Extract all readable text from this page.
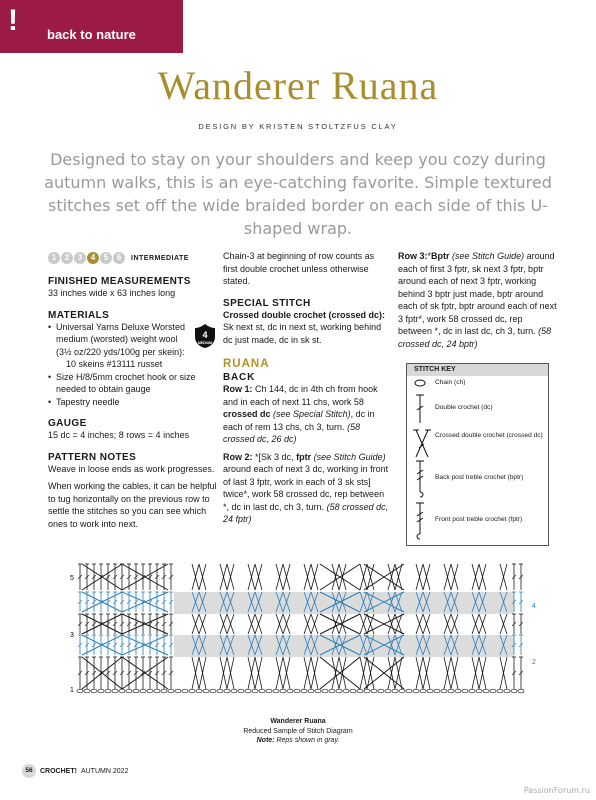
! back to nature
Wanderer Ruana
DESIGN BY KRISTEN STOLTZFUS CLAY
Designed to stay on your shoulders and keep you cozy during autumn walks, this is an eye-catching favorite. Simple textured stitches set off the wide braided border on each side of this U-shaped wrap.
1	2	3	4	5	6	INTERMEDIATE
FINISHED MEASUREMENTS

33 inches wide x 63 inches long

MATERIALS
4
MEDIUM
• Universal Yarns Deluxe Worsted medium (worsted) weight wool (3½ oz/220 yds/100g per skein):

10 skeins #13111 russet

• Size H/8/5mm crochet hook or size needed to obtain gauge
• Tapestry needle
GAUGE

15 dc = 4 inches; 8 rows = 4 inches

PATTERN NOTES

Weave in loose ends as work progresses.

When working the cables, it can be helpful to tug horizontally on the previous row to settle the stitches so you can see which ones to work into next.

Chain-3 at beginning of row counts as first double crochet unless otherwise stated.

SPECIAL STITCH

Crossed double crochet (crossed dc):

Sk next st, dc in next st, working behind dc just made, dc in sk st.

RUANA
BACK

Row 1: Ch 144, dc in 4th ch from hook and in each of next 11 chs, work 58 crossed dc (see Special Stitch), dc in each of rem 13 chs, ch 3, turn. (58 crossed dc, 26 dc)

Row 2: *[Sk 3 dc, fptr (see Stitch Guide) around each of next 3 dc, working in front of last 3 fptr, work in each of 3 sk sts] twice*, work 58 crossed dc, rep between *, dc in last dc, ch 3, turn. (58 crossed dc, 24 fptr)

Row 3:*Bptr (see Stitch Guide) around each of first 3 fptr, sk next 3 fptr, bptr around each of next 3 fptr, working behind 3 bptr just made, bptr around each of sk fptr, bptr around each of next 3 fptr*, work 58 crossed dc, rep between *, dc in last dc, ch 3, turn. (58 crossed dc, 24 bptr)

STITCH KEY
Chain (ch)
Double crochet (dc)
Crossed double crochet (crossed dc)
Back post treble crochet (bptr)
Front post treble crochet (fptr)
5
3
1
4
2
Wanderer Ruana
Reduced Sample of Stitch Diagram
Note: Reps shown in gray.
56	CROCHET! AUTUMN 2022
PassionForum.ru
